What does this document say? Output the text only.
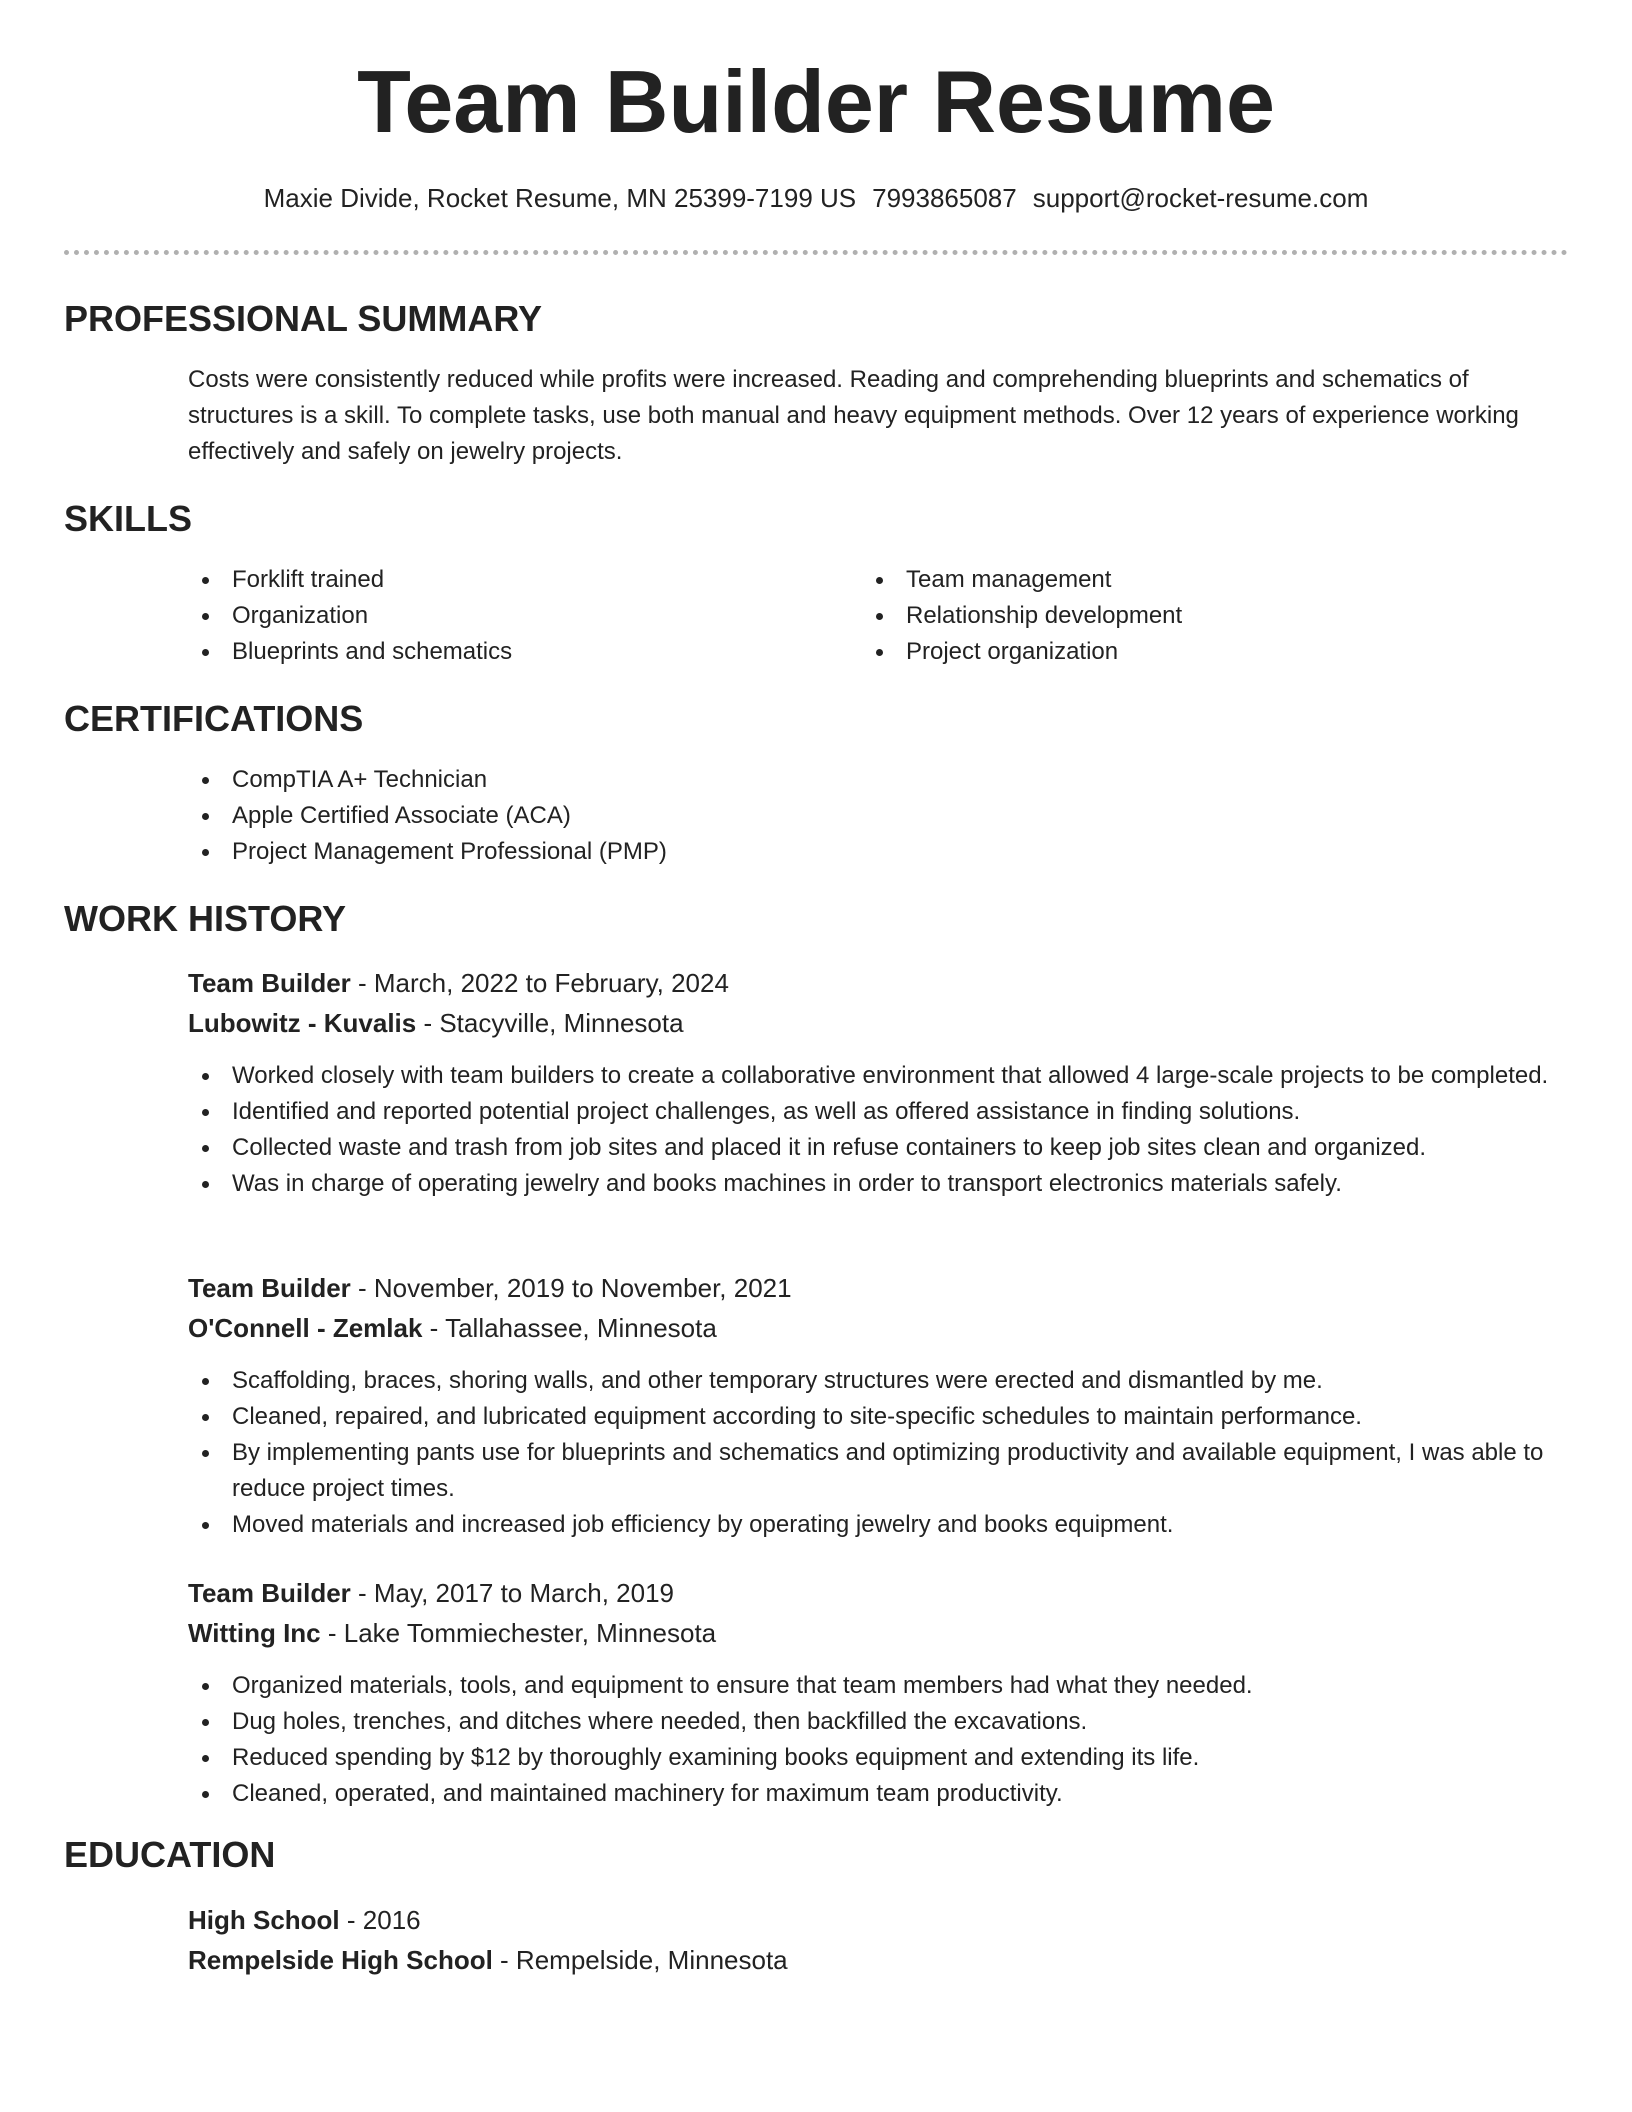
Team Builder Resume
Maxie Divide, Rocket Resume, MN 25399-7199 US 7993865087 support@rocket-resume.com
PROFESSIONAL SUMMARY
Costs were consistently reduced while profits were increased. Reading and comprehending blueprints and schematics of structures is a skill. To complete tasks, use both manual and heavy equipment methods. Over 12 years of experience working effectively and safely on jewelry projects.
SKILLS
Forklift trained
Organization
Blueprints and schematics
Team management
Relationship development
Project organization
CERTIFICATIONS
CompTIA A+ Technician
Apple Certified Associate (ACA)
Project Management Professional (PMP)
WORK HISTORY
Team Builder - March, 2022 to February, 2024
Lubowitz - Kuvalis - Stacyville, Minnesota
Worked closely with team builders to create a collaborative environment that allowed 4 large-scale projects to be completed.
Identified and reported potential project challenges, as well as offered assistance in finding solutions.
Collected waste and trash from job sites and placed it in refuse containers to keep job sites clean and organized.
Was in charge of operating jewelry and books machines in order to transport electronics materials safely.
Team Builder - November, 2019 to November, 2021
O'Connell - Zemlak - Tallahassee, Minnesota
Scaffolding, braces, shoring walls, and other temporary structures were erected and dismantled by me.
Cleaned, repaired, and lubricated equipment according to site-specific schedules to maintain performance.
By implementing pants use for blueprints and schematics and optimizing productivity and available equipment, I was able to reduce project times.
Moved materials and increased job efficiency by operating jewelry and books equipment.
Team Builder - May, 2017 to March, 2019
Witting Inc - Lake Tommiechester, Minnesota
Organized materials, tools, and equipment to ensure that team members had what they needed.
Dug holes, trenches, and ditches where needed, then backfilled the excavations.
Reduced spending by $12 by thoroughly examining books equipment and extending its life.
Cleaned, operated, and maintained machinery for maximum team productivity.
EDUCATION
High School - 2016
Rempelside High School - Rempelside, Minnesota
